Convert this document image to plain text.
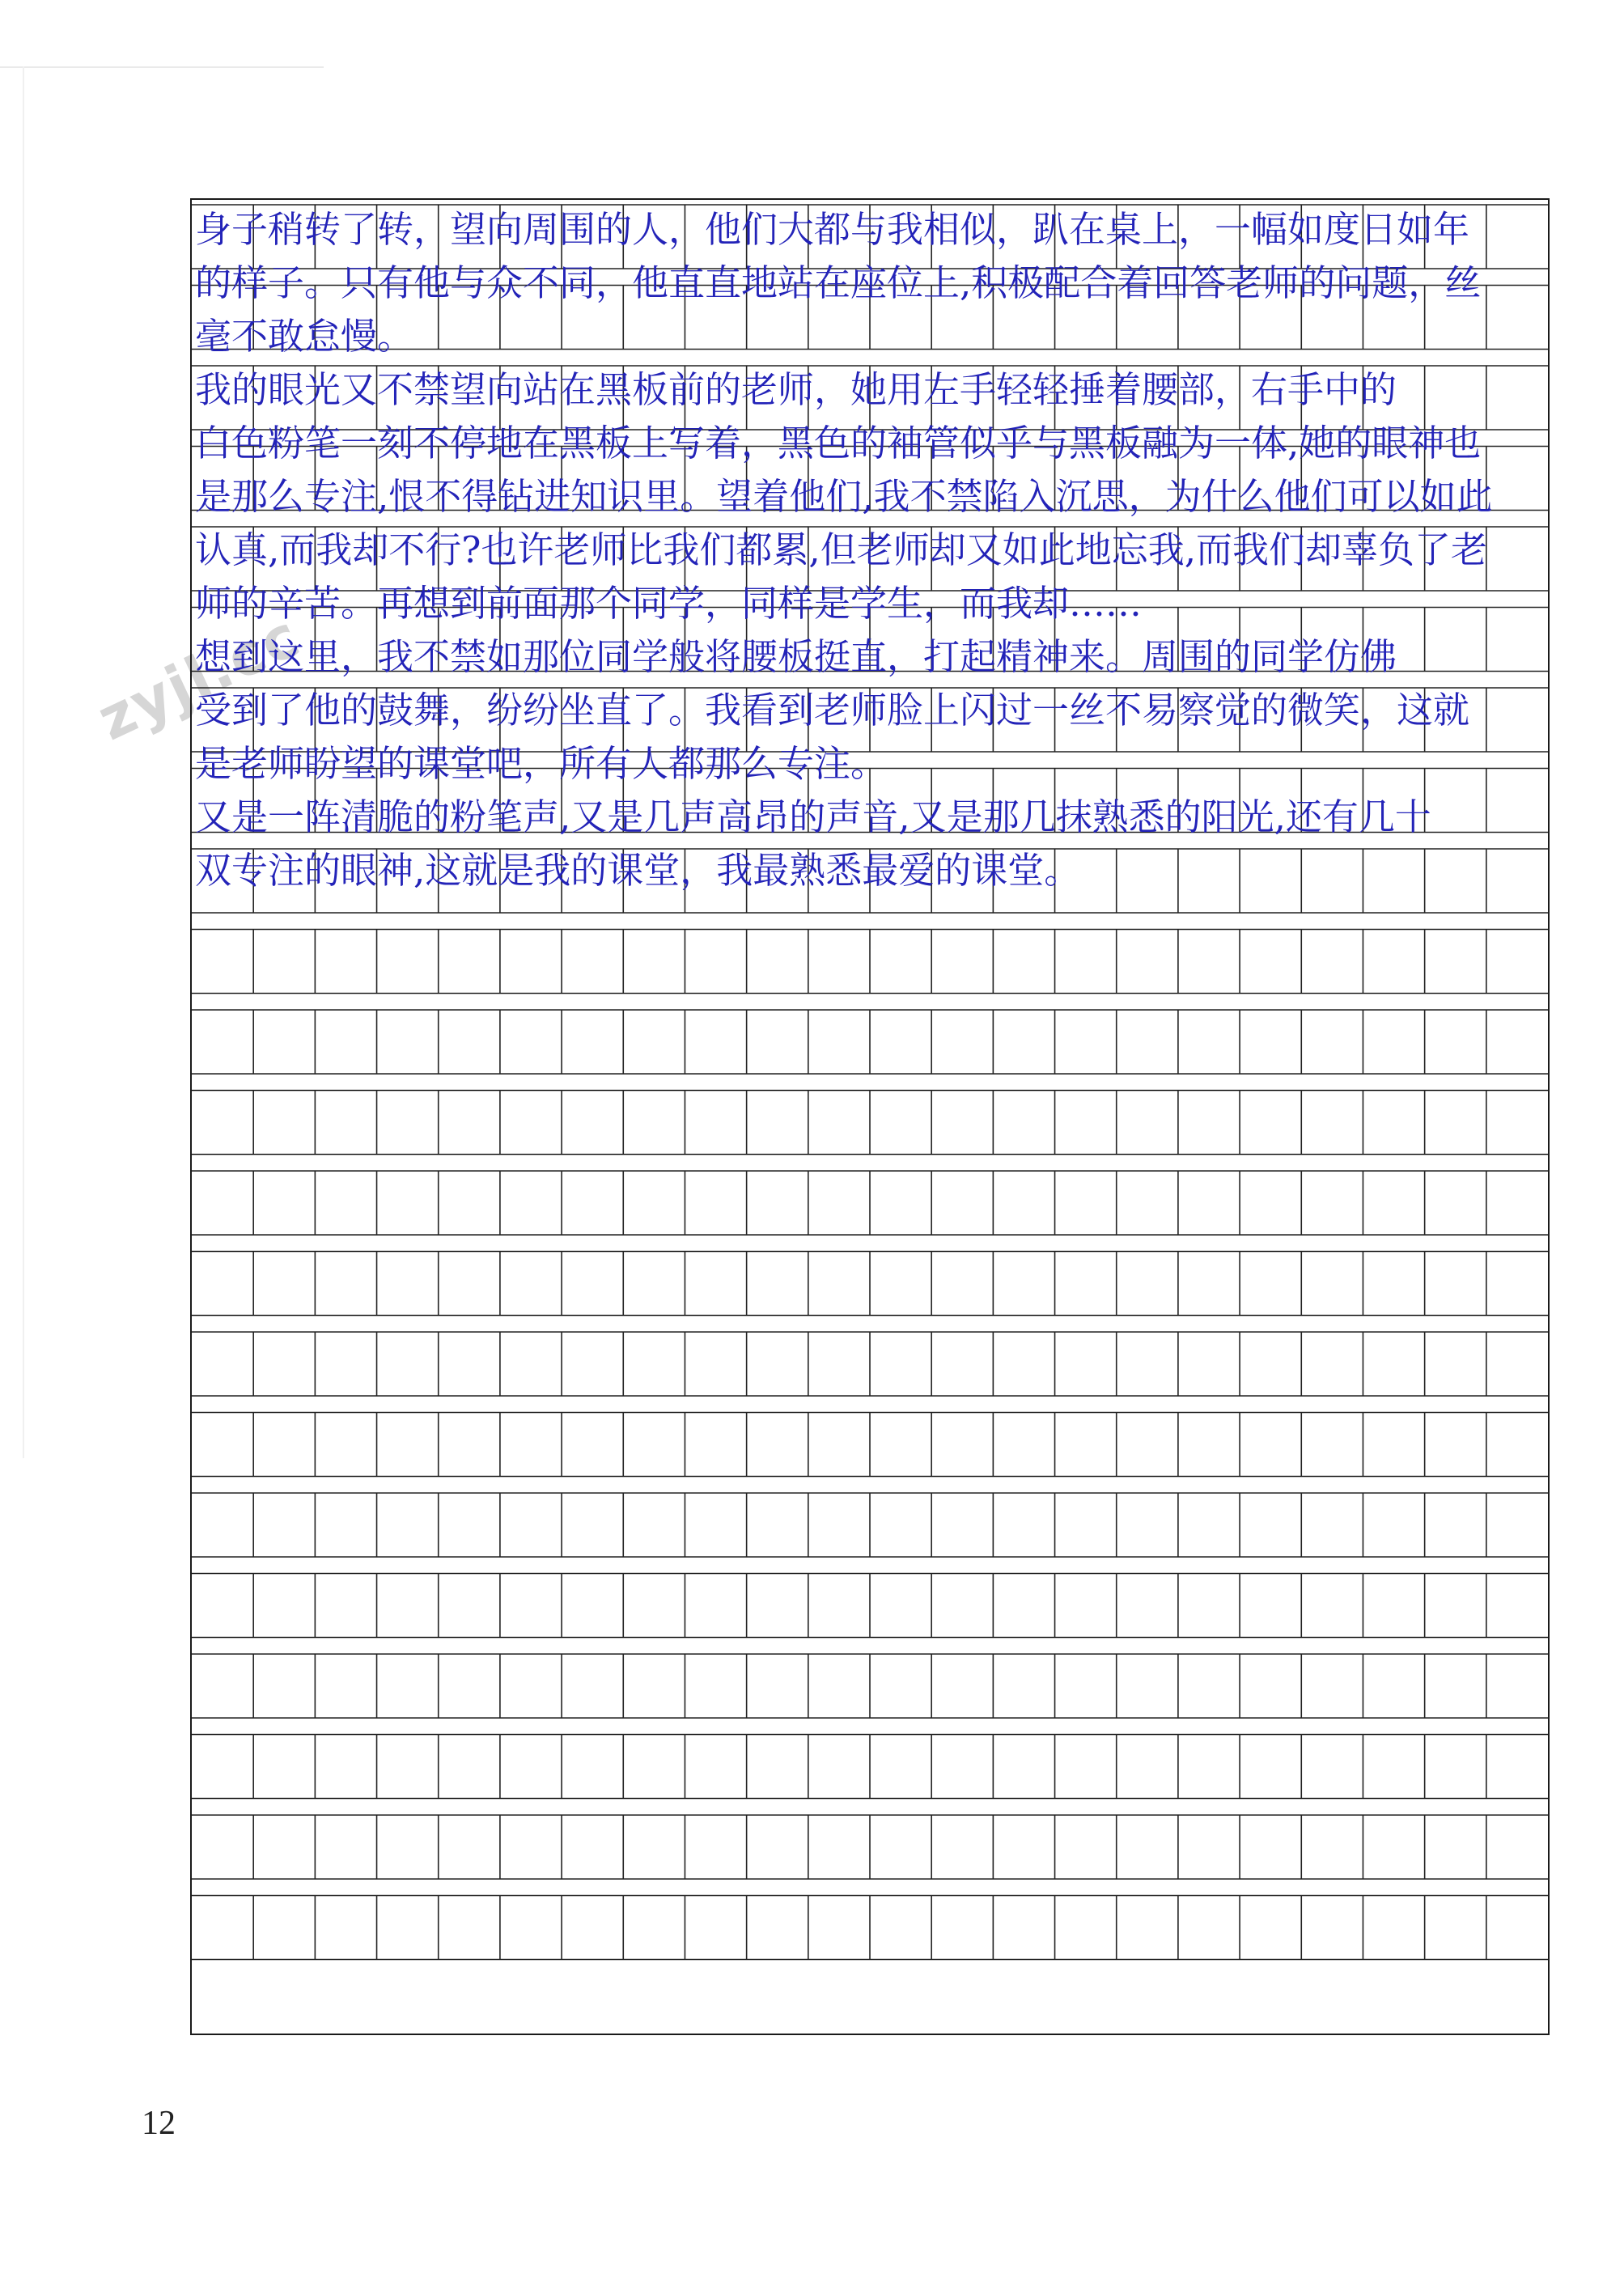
zyjl.cc
身子稍转了转，望向周围的人，他们大都与我相似，趴在桌上，一幅如度日如年
的样子。只有他与众不同，他直直地站在座位上,积极配合着回答老师的问题，丝
毫不敢怠慢。
我的眼光又不禁望向站在黑板前的老师，她用左手轻轻捶着腰部，右手中的
白色粉笔一刻不停地在黑板上写着，黑色的袖管似乎与黑板融为一体,她的眼神也
是那么专注,恨不得钻进知识里。望着他们,我不禁陷入沉思，为什么他们可以如此
认真,而我却不行?也许老师比我们都累,但老师却又如此地忘我,而我们却辜负了老
师的辛苦。再想到前面那个同学，同样是学生，而我却……
想到这里，我不禁如那位同学般将腰板挺直，打起精神来。周围的同学仿佛
受到了他的鼓舞，纷纷坐直了。我看到老师脸上闪过一丝不易察觉的微笑，这就
是老师盼望的课堂吧，所有人都那么专注。
又是一阵清脆的粉笔声,又是几声高昂的声音,又是那几抹熟悉的阳光,还有几十
双专注的眼神,这就是我的课堂，我最熟悉最爱的课堂。
12
